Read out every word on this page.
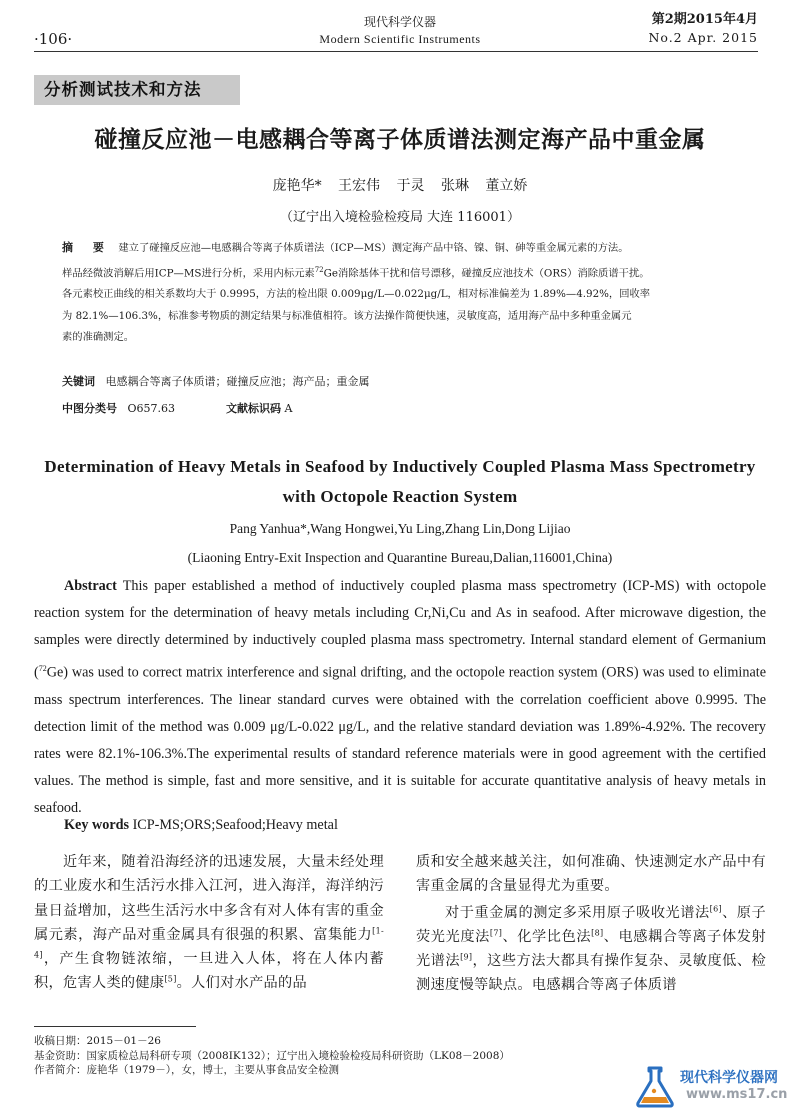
·106·
现代科学仪器
Modern Scientific Instruments
第2期2015年4月
No.2 Apr. 2015
分析测试技术和方法
碰撞反应池－电感耦合等离子体质谱法测定海产品中重金属
庞艳华* 王宏伟 于灵 张琳 董立娇
（辽宁出入境检验检疫局 大连 116001）

摘 要 建立了碰撞反应池—电感耦合等离子体质谱法（ICP—MS）测定海产品中铬、镍、铜、砷等重金属元素的方法。

样品经微波消解后用ICP—MS进行分析，采用内标元素$^{72}$Ge消除基体干扰和信号漂移，碰撞反应池技术（ORS）消除质谱干扰。

各元素校正曲线的相关系数均大于 0.9995，方法的检出限 0.009μg/L—0.022μg/L，相对标准偏差为 1.89%—4.92%，回收率

为 82.1%—106.3%，标准参考物质的测定结果与标准值相符。该方法操作简便快速，灵敏度高，适用海产品中多种重金属元

素的准确测定。

关键词 电感耦合等离子体质谱；碰撞反应池；海产品；重金属
中图分类号 O657.63	文献标识码 A
Determination of Heavy Metals in Seafood by Inductively Coupled Plasma Mass Spectrometry with Octopole Reaction System
Pang Yanhua*,Wang Hongwei,Yu Ling,Zhang Lin,Dong Lijiao
(Liaoning Entry-Exit Inspection and Quarantine Bureau,Dalian,116001,China)
Abstract This paper established a method of inductively coupled plasma mass spectrometry (ICP-MS) with octopole reaction system for the determination of heavy metals including Cr,Ni,Cu and As in seafood. After microwave digestion, the samples were directly determined by inductively coupled plasma mass spectrometry. Internal standard element of Germanium ($^{72}$Ge) was used to correct matrix interference and signal drifting, and the octopole reaction system (ORS) was used to eliminate mass spectrum interferences. The linear standard curves were obtained with the correlation coefficient above 0.9995. The detection limit of the method was 0.009 μg/L-0.022 μg/L, and the relative standard deviation was 1.89%-4.92%. The recovery rates were 82.1%-106.3%.The experimental results of standard reference materials were in good agreement with the certified values. The method is simple, fast and more sensitive, and it is suitable for accurate quantitative analysis of heavy metals in seafood.
Key words ICP-MS;ORS;Seafood;Heavy metal

近年来，随着沿海经济的迅速发展，大量未经处理的工业废水和生活污水排入江河，进入海洋，海洋纳污量日益增加，这些生活污水中多含有对人体有害的重金属元素，海产品对重金属具有很强的积累、富集能力[1-4]，产生食物链浓缩，一旦进入人体，将在人体内蓄积，危害人类的健康[5]。人们对水产品的品

质和安全越来越关注，如何准确、快速测定水产品中有害重金属的含量显得尤为重要。

对于重金属的测定多采用原子吸收光谱法[6]、原子荧光光度法[7]、化学比色法[8]、电感耦合等离子体发射光谱法[9]，这些方法大都具有操作复杂、灵敏度低、检测速度慢等缺点。电感耦合等离子体质谱

收稿日期：2015－01－26
基金资助：国家质检总局科研专项（2008IK132）；辽宁出入境检验检疫局科研资助（LK08－2008）
作者简介：庞艳华（1979－），女，博士，主要从事食品安全检测	现代科学仪器网
www.ms17.cn
